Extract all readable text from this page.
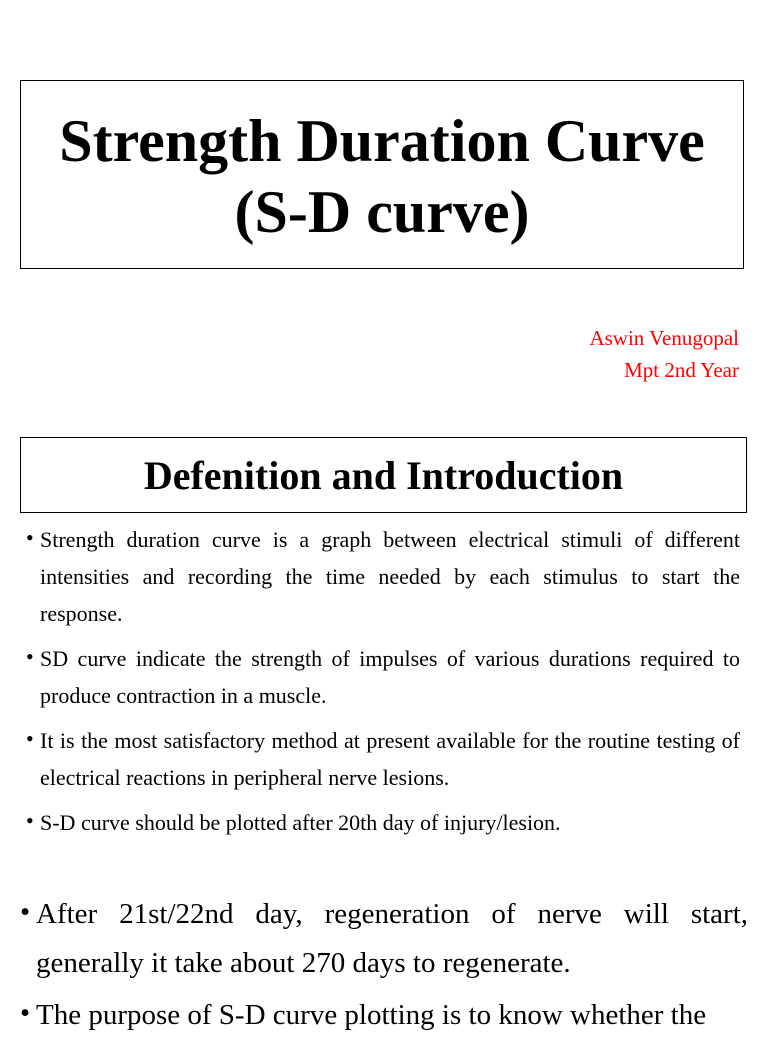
Strength Duration Curve
(S-D curve)
Aswin Venugopal
Mpt 2nd Year
Defenition and Introduction
• Strength duration curve is a graph between electrical stimuli of different intensities and recording the time needed by each stimulus to start the response.
• SD curve indicate the strength of impulses of various durations required to produce contraction in a muscle.
• It is the most satisfactory method at present available for the routine testing of electrical reactions in peripheral nerve lesions.
• S-D curve should be plotted after 20th day of injury/lesion.
• After 21st/22nd day, regeneration of nerve will start, generally it take about 270 days to regenerate.
• The purpose of S-D curve plotting is to know whether the
